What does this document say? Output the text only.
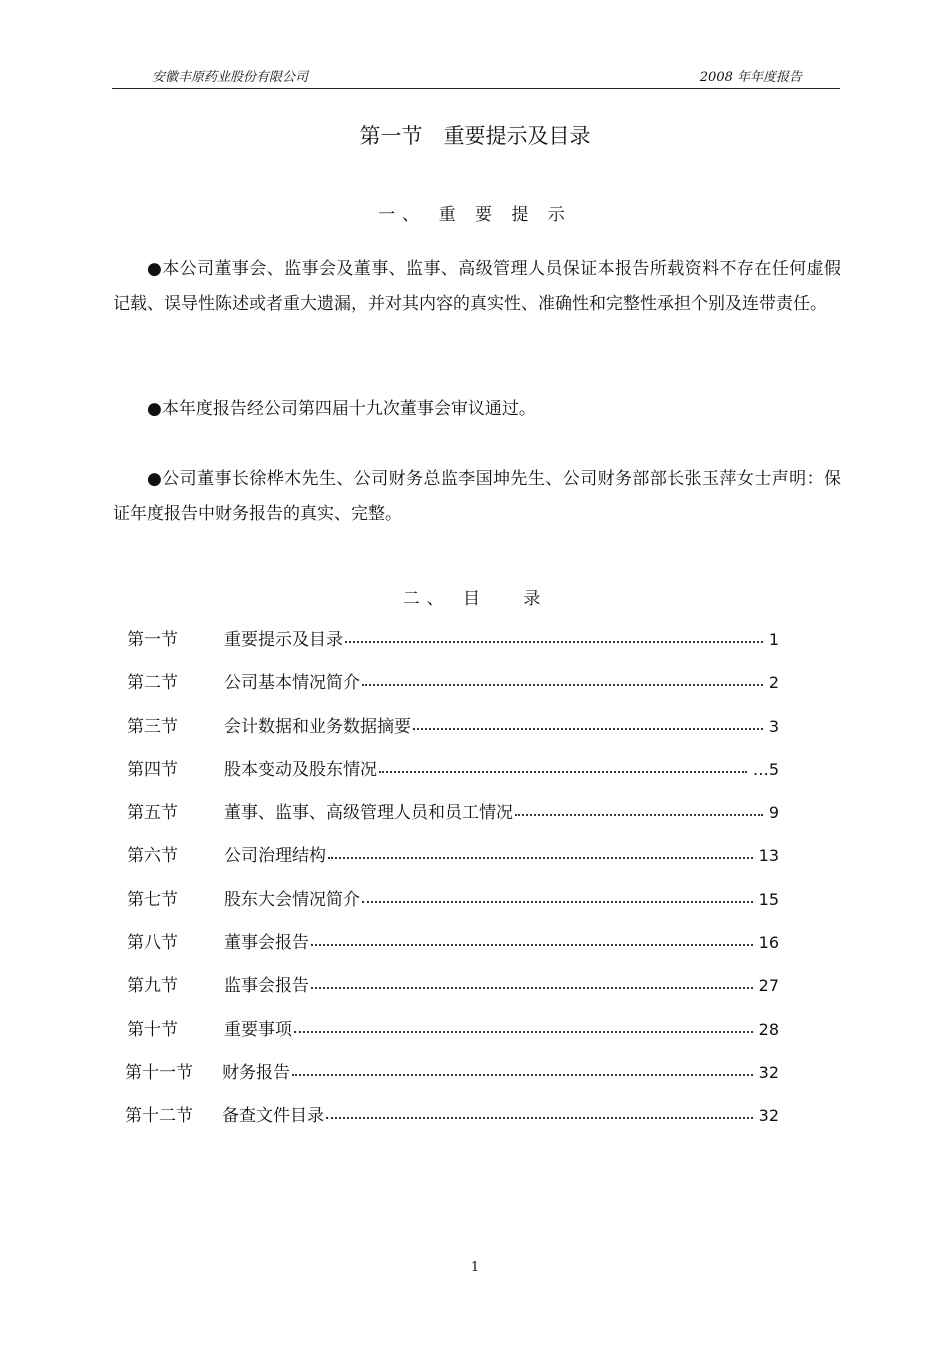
安徽丰原药业股份有限公司	2008 年年度报告
第一节　重要提示及目录
一、 重 要 提 示

●本公司董事会、监事会及董事、监事、高级管理人员保证本报告所载资料不存在任何虚假记载、误导性陈述或者重大遗漏，并对其内容的真实性、准确性和完整性承担个别及连带责任。

●本年度报告经公司第四届十九次董事会审议通过。

●公司董事长徐桦木先生、公司财务总监李国坤先生、公司财务部部长张玉萍女士声明：保证年度报告中财务报告的真实、完整。

二、 目　 录
第一节	重要提示及目录	1
第二节	公司基本情况简介	2
第三节	会计数据和业务数据摘要	3
第四节	股本变动及股东情况	…5
第五节	董事、监事、高级管理人员和员工情况	9
第六节	公司治理结构	13
第七节	股东大会情况简介	15
第八节	董事会报告	16
第九节	监事会报告	27
第十节	重要事项	28
第十一节 财务报告	32
第十二节 备查文件目录	32
1
